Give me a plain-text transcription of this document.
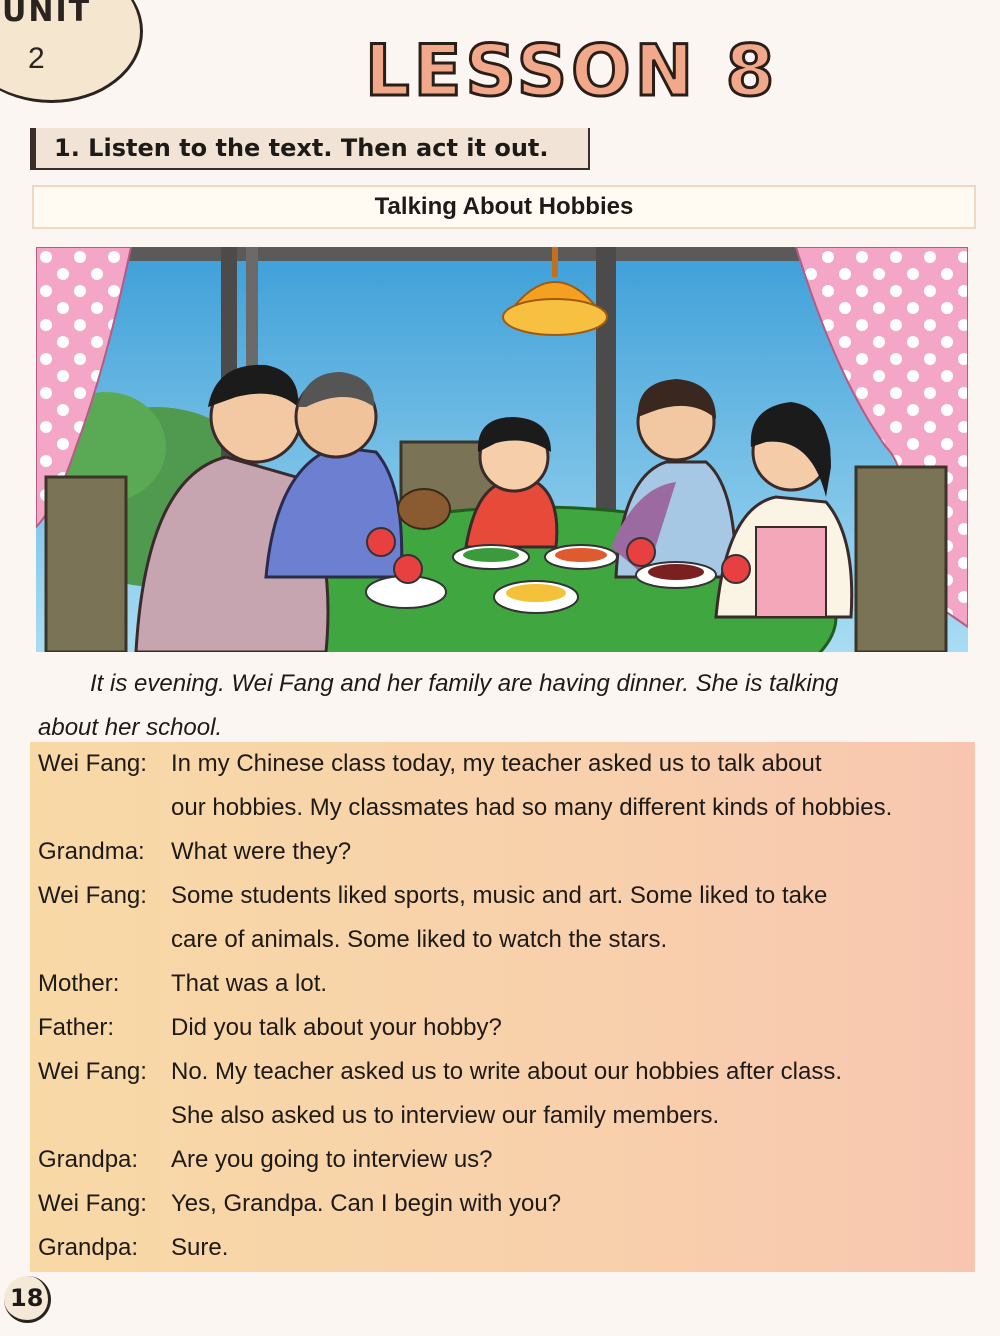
UNIT
2	LESSON 8
1. Listen to the text. Then act it out.
Talking About Hobbies
It is evening. Wei Fang and her family are having dinner. She is talking
about her school.
Wei Fang:	In my Chinese class today, my teacher asked us to talk about
our hobbies. My classmates had so many different kinds of hobbies.
Grandma:	What were they?
Wei Fang:	Some students liked sports, music and art. Some liked to take
care of animals. Some liked to watch the stars.
Mother:	That was a lot.
Father:	Did you talk about your hobby?
Wei Fang:	No. My teacher asked us to write about our hobbies after class.
She also asked us to interview our family members.
Grandpa:	Are you going to interview us?
Wei Fang:	Yes, Grandpa. Can I begin with you?
Grandpa:	Sure.
18
